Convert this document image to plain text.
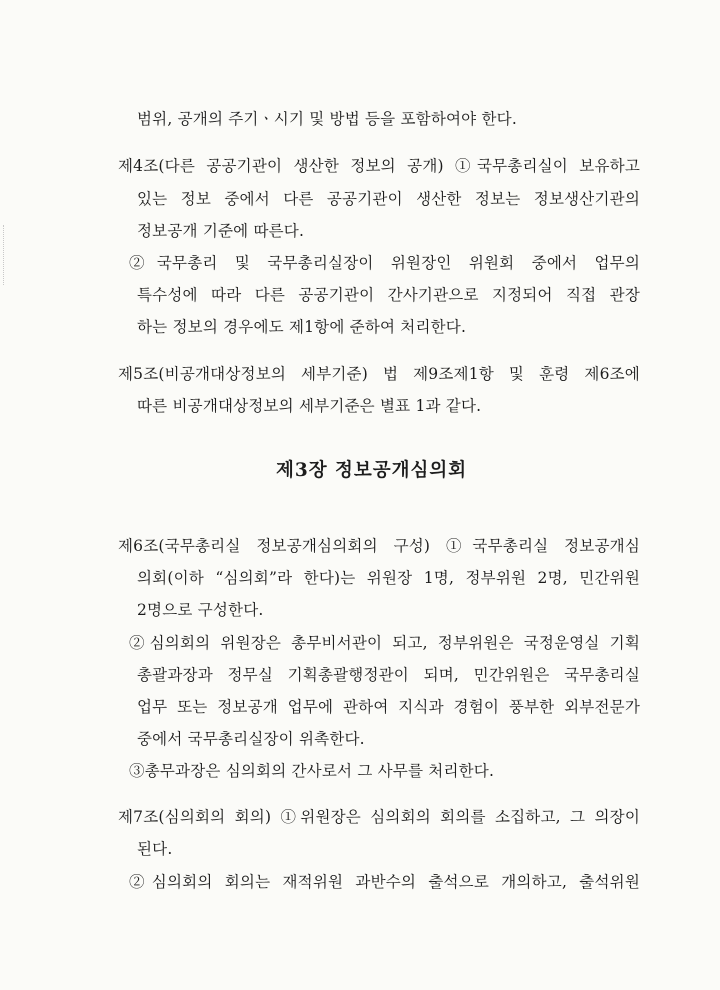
범위, 공개의 주기ㆍ시기 및 방법 등을 포함하여야 한다.
제4조(다른 공공기관이 생산한 정보의 공개) ①국무총리실이 보유하고
있는 정보 중에서 다른 공공기관이 생산한 정보는 정보생산기관의
정보공개 기준에 따른다.
②국무총리 및 국무총리실장이 위원장인 위원회 중에서 업무의
특수성에 따라 다른 공공기관이 간사기관으로 지정되어 직접 관장
하는 정보의 경우에도 제1항에 준하여 처리한다.
제5조(비공개대상정보의 세부기준) 법 제9조제1항 및 훈령 제6조에
따른 비공개대상정보의 세부기준은 별표 1과 같다.
제3장 정보공개심의회
제6조(국무총리실 정보공개심의회의 구성) ①국무총리실 정보공개심
의회(이하 “심의회”라 한다)는 위원장 1명, 정부위원 2명, 민간위원
2명으로 구성한다.
②심의회의 위원장은 총무비서관이 되고, 정부위원은 국정운영실 기획
총괄과장과 정무실 기획총괄행정관이 되며, 민간위원은 국무총리실
업무 또는 정보공개 업무에 관하여 지식과 경험이 풍부한 외부전문가
중에서 국무총리실장이 위촉한다.
③총무과장은 심의회의 간사로서 그 사무를 처리한다.
제7조(심의회의 회의) ①위원장은 심의회의 회의를 소집하고, 그 의장이
된다.
②심의회의 회의는 재적위원 과반수의 출석으로 개의하고, 출석위원
